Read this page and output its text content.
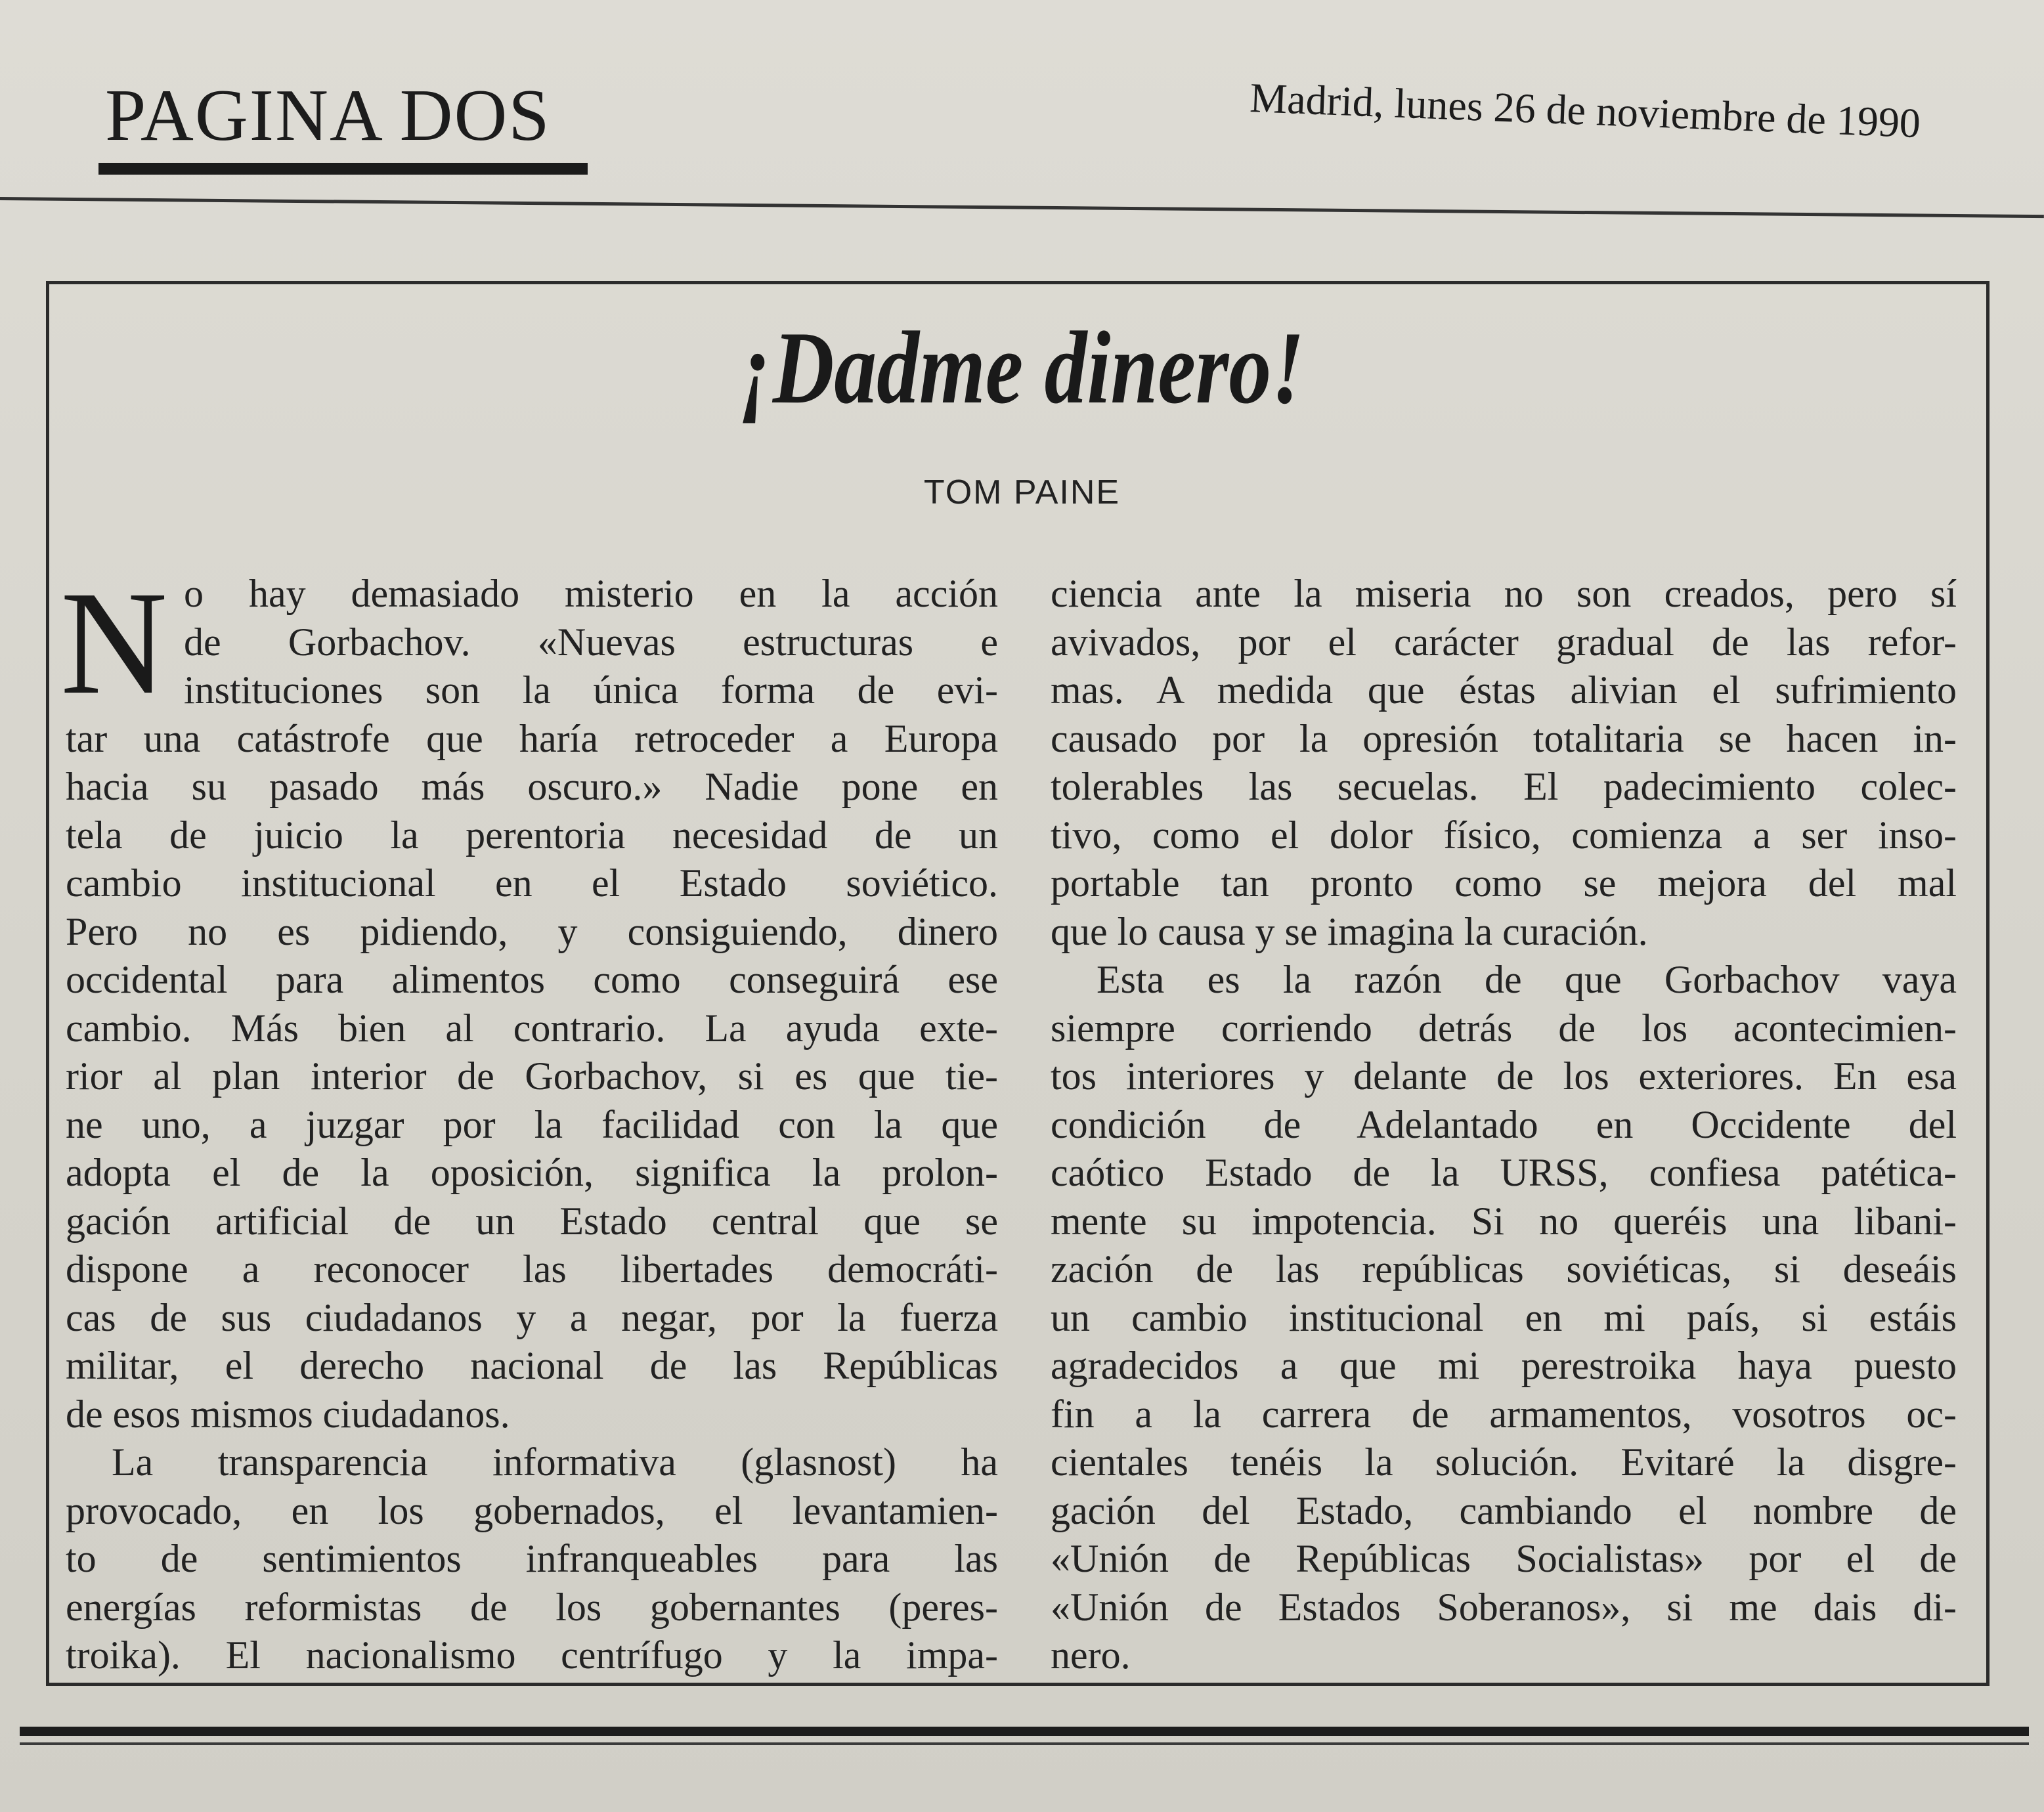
PAGINA DOS	Madrid, lunes 26 de noviembre de 1990
¡Dadme dinero!
TOM PAINE
N o hay demasiado misterio en la acción
de Gorbachov. «Nuevas estructuras e
instituciones son la única forma de evi-
tar una catástrofe que haría retroceder a Europa
hacia su pasado más oscuro.» Nadie pone en
tela de juicio la perentoria necesidad de un
cambio institucional en el Estado soviético.
Pero no es pidiendo, y consiguiendo, dinero
occidental para alimentos como conseguirá ese
cambio. Más bien al contrario. La ayuda exte-
rior al plan interior de Gorbachov, si es que tie-
ne uno, a juzgar por la facilidad con la que
adopta el de la oposición, significa la prolon-
gación artificial de un Estado central que se
dispone a reconocer las libertades democráti-
cas de sus ciudadanos y a negar, por la fuerza
militar, el derecho nacional de las Repúblicas
de esos mismos ciudadanos.
La transparencia informativa (glasnost) ha
provocado, en los gobernados, el levantamien-
to de sentimientos infranqueables para las
energías reformistas de los gobernantes (peres-
troika). El nacionalismo centrífugo y la impa-
ciencia ante la miseria no son creados, pero sí
avivados, por el carácter gradual de las refor-
mas. A medida que éstas alivian el sufrimiento
causado por la opresión totalitaria se hacen in-
tolerables las secuelas. El padecimiento colec-
tivo, como el dolor físico, comienza a ser inso-
portable tan pronto como se mejora del mal
que lo causa y se imagina la curación.
Esta es la razón de que Gorbachov vaya
siempre corriendo detrás de los acontecimien-
tos interiores y delante de los exteriores. En esa
condición de Adelantado en Occidente del
caótico Estado de la URSS, confiesa patética-
mente su impotencia. Si no queréis una libani-
zación de las repúblicas soviéticas, si deseáis
un cambio institucional en mi país, si estáis
agradecidos a que mi perestroika haya puesto
fin a la carrera de armamentos, vosotros oc-
cientales tenéis la solución. Evitaré la disgre-
gación del Estado, cambiando el nombre de
«Unión de Repúblicas Socialistas» por el de
«Unión de Estados Soberanos», si me dais di-
nero.
